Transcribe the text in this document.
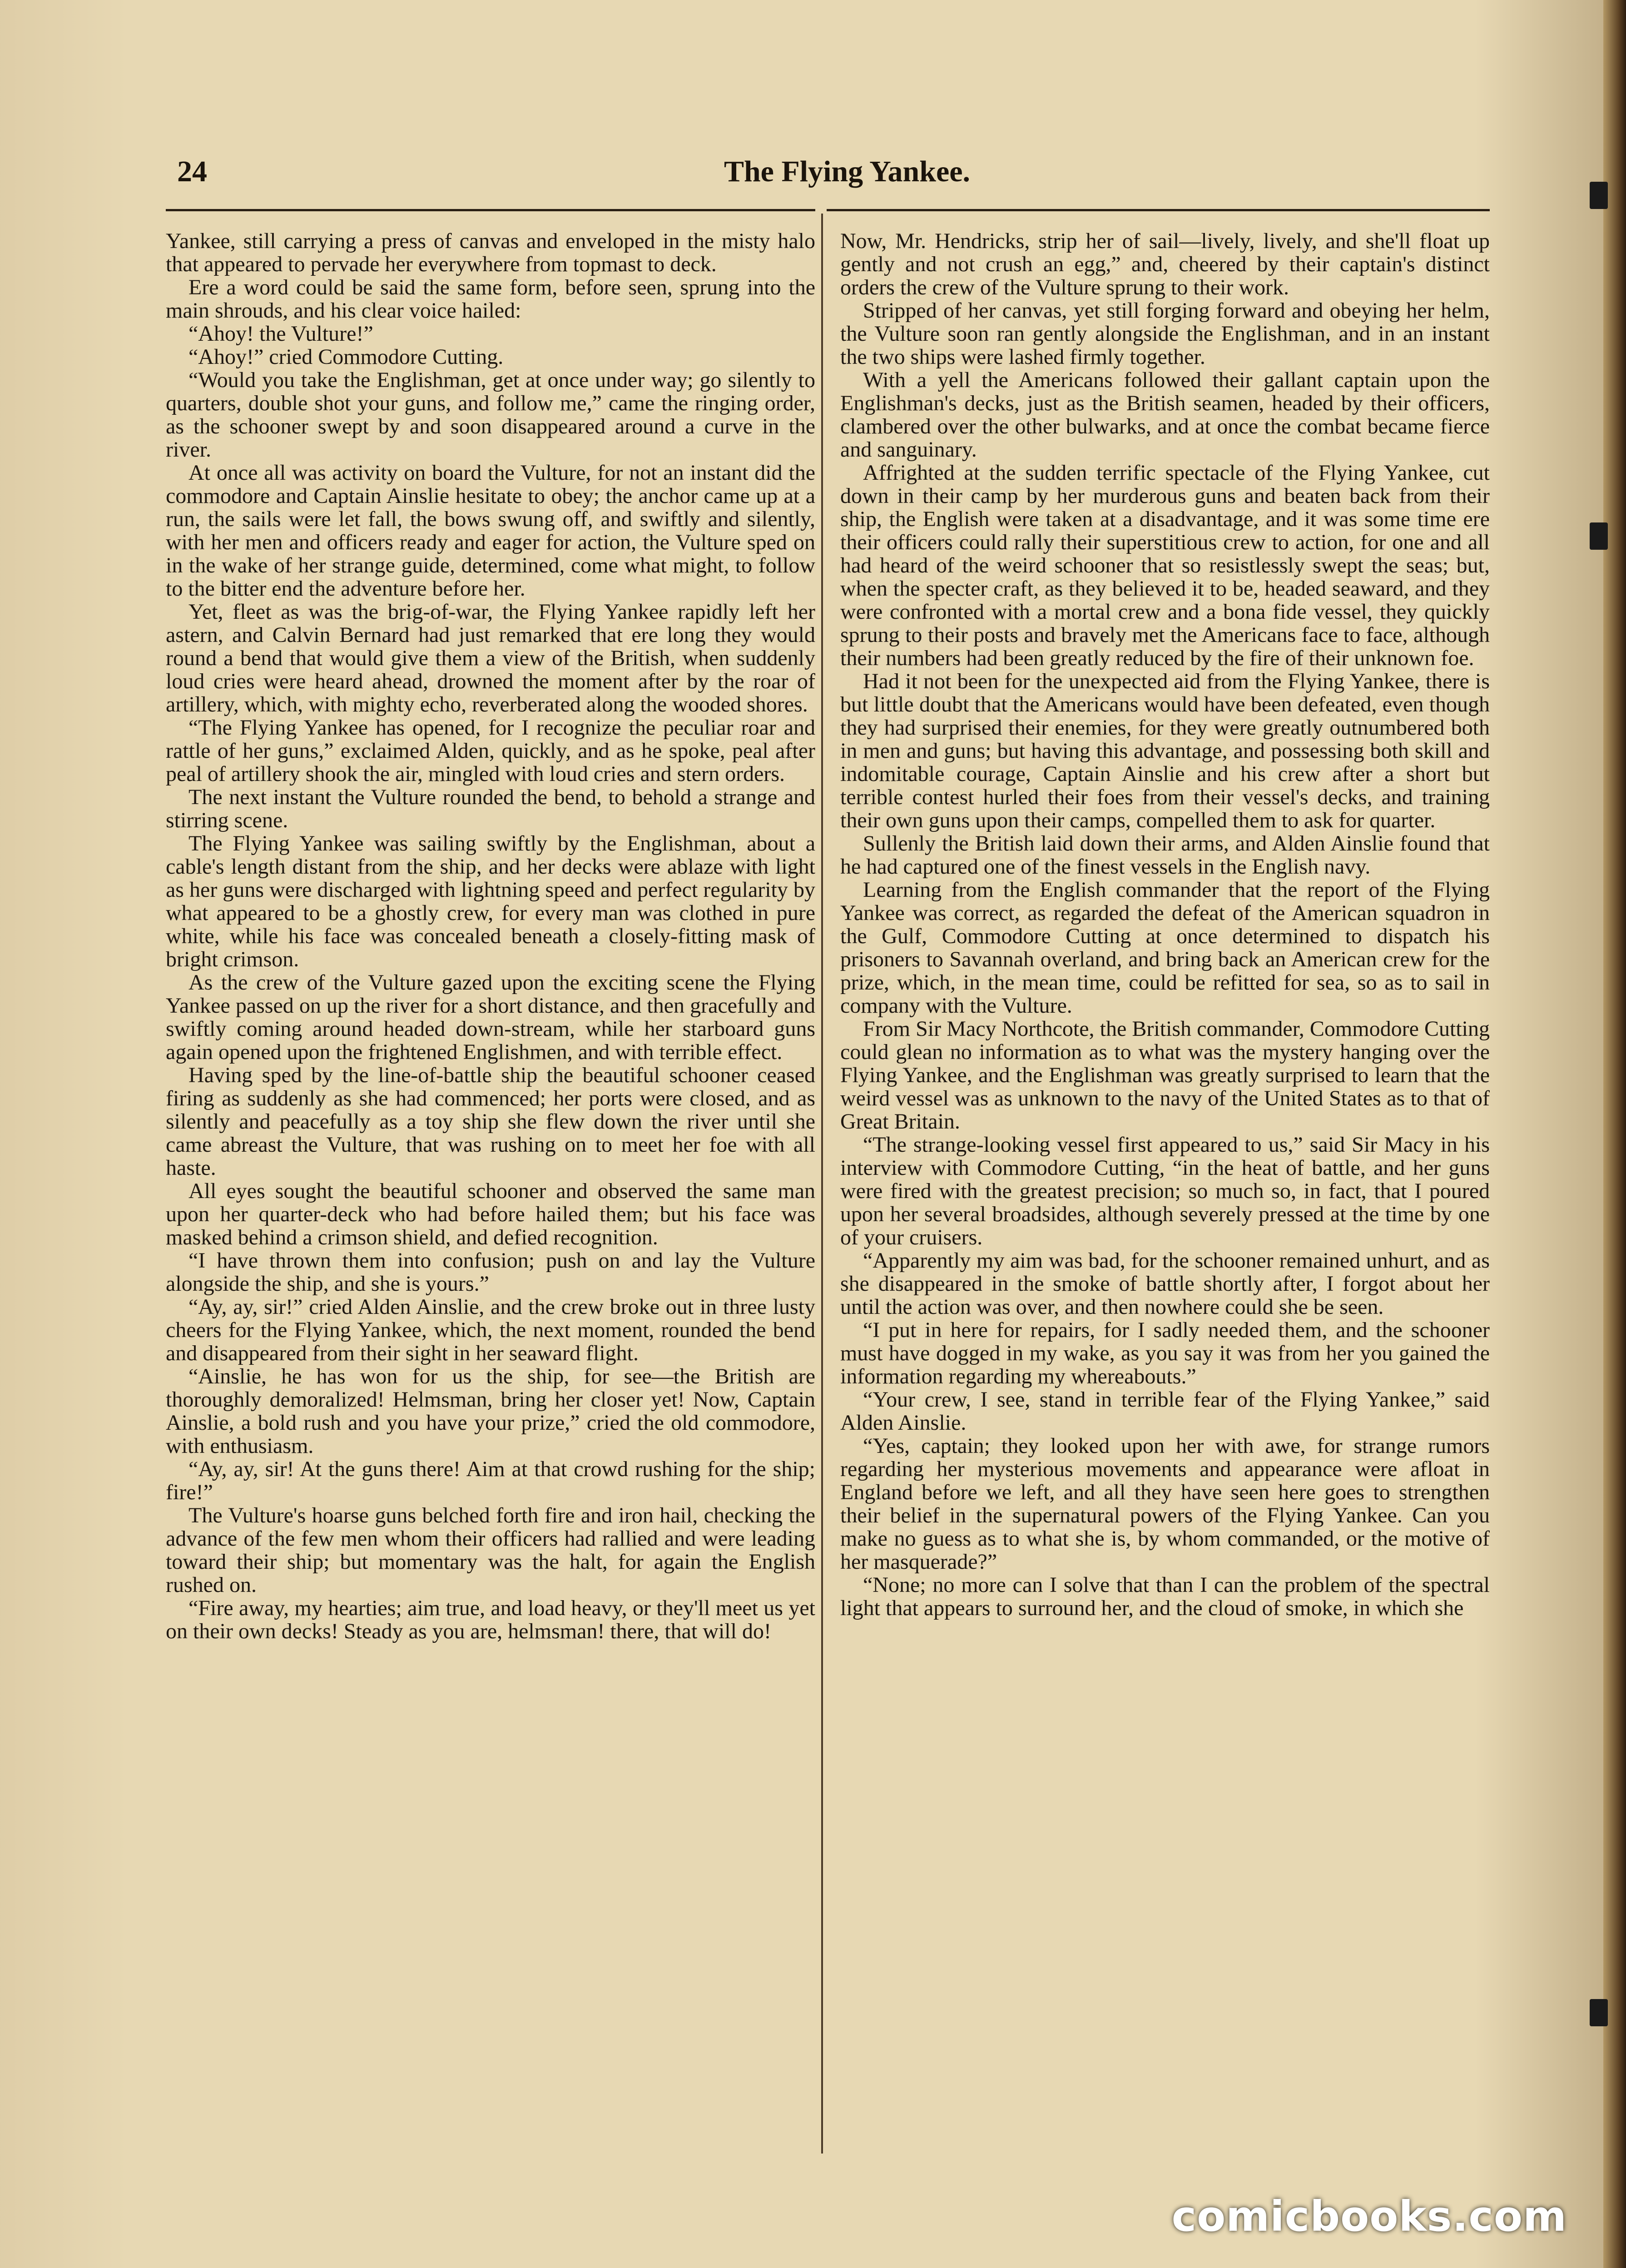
24	The Flying Yankee.

Yankee, still carrying a press of canvas and enveloped in the misty halo that appeared to pervade her everywhere from topmast to deck.

Ere a word could be said the same form, before seen, sprung into the main shrouds, and his clear voice hailed:

“Ahoy! the Vulture!”

“Ahoy!” cried Commodore Cutting.

“Would you take the Englishman, get at once under way; go silently to quarters, double shot your guns, and follow me,” came the ringing order, as the schooner swept by and soon disappeared around a curve in the river.

At once all was activity on board the Vulture, for not an instant did the commodore and Captain Ainslie hesitate to obey; the anchor came up at a run, the sails were let fall, the bows swung off, and swiftly and silently, with her men and officers ready and eager for action, the Vulture sped on in the wake of her strange guide, determined, come what might, to follow to the bitter end the adventure before her.

Yet, fleet as was the brig-of-war, the Flying Yankee rapidly left her astern, and Calvin Bernard had just remarked that ere long they would round a bend that would give them a view of the British, when suddenly loud cries were heard ahead, drowned the moment after by the roar of artillery, which, with mighty echo, reverberated along the wooded shores.

“The Flying Yankee has opened, for I recognize the peculiar roar and rattle of her guns,” exclaimed Alden, quickly, and as he spoke, peal after peal of artillery shook the air, mingled with loud cries and stern orders.

The next instant the Vulture rounded the bend, to behold a strange and stirring scene.

The Flying Yankee was sailing swiftly by the Englishman, about a cable's length distant from the ship, and her decks were ablaze with light as her guns were discharged with lightning speed and perfect regularity by what appeared to be a ghostly crew, for every man was clothed in pure white, while his face was concealed beneath a closely-fitting mask of bright crimson.

As the crew of the Vulture gazed upon the exciting scene the Flying Yankee passed on up the river for a short distance, and then gracefully and swiftly coming around headed down-stream, while her starboard guns again opened upon the frightened Englishmen, and with terrible effect.

Having sped by the line-of-battle ship the beautiful schooner ceased firing as suddenly as she had commenced; her ports were closed, and as silently and peacefully as a toy ship she flew down the river until she came abreast the Vulture, that was rushing on to meet her foe with all haste.

All eyes sought the beautiful schooner and observed the same man upon her quarter-deck who had before hailed them; but his face was masked behind a crimson shield, and defied recognition.

“I have thrown them into confusion; push on and lay the Vulture alongside the ship, and she is yours.”

“Ay, ay, sir!” cried Alden Ainslie, and the crew broke out in three lusty cheers for the Flying Yankee, which, the next moment, rounded the bend and disappeared from their sight in her seaward flight.

“Ainslie, he has won for us the ship, for see—the British are thoroughly demoralized! Helmsman, bring her closer yet! Now, Captain Ainslie, a bold rush and you have your prize,” cried the old commodore, with enthusiasm.

“Ay, ay, sir! At the guns there! Aim at that crowd rushing for the ship; fire!”

The Vulture's hoarse guns belched forth fire and iron hail, checking the advance of the few men whom their officers had rallied and were leading toward their ship; but momentary was the halt, for again the English rushed on.

“Fire away, my hearties; aim true, and load heavy, or they'll meet us yet on their own decks! Steady as you are, helmsman! there, that will do!

Now, Mr. Hendricks, strip her of sail—lively, lively, and she'll float up gently and not crush an egg,” and, cheered by their captain's distinct orders the crew of the Vulture sprung to their work.

Stripped of her canvas, yet still forging forward and obeying her helm, the Vulture soon ran gently alongside the Englishman, and in an instant the two ships were lashed firmly together.

With a yell the Americans followed their gallant captain upon the Englishman's decks, just as the British seamen, headed by their officers, clambered over the other bulwarks, and at once the combat became fierce and sanguinary.

Affrighted at the sudden terrific spectacle of the Flying Yankee, cut down in their camp by her murderous guns and beaten back from their ship, the English were taken at a disadvantage, and it was some time ere their officers could rally their superstitious crew to action, for one and all had heard of the weird schooner that so resistlessly swept the seas; but, when the specter craft, as they believed it to be, headed seaward, and they were confronted with a mortal crew and a bona fide vessel, they quickly sprung to their posts and bravely met the Americans face to face, although their numbers had been greatly reduced by the fire of their unknown foe.

Had it not been for the unexpected aid from the Flying Yankee, there is but little doubt that the Americans would have been defeated, even though they had surprised their enemies, for they were greatly outnumbered both in men and guns; but having this advantage, and possessing both skill and indomitable courage, Captain Ainslie and his crew after a short but terrible contest hurled their foes from their vessel's decks, and training their own guns upon their camps, compelled them to ask for quarter.

Sullenly the British laid down their arms, and Alden Ainslie found that he had captured one of the finest vessels in the English navy.

Learning from the English commander that the report of the Flying Yankee was correct, as regarded the defeat of the American squadron in the Gulf, Commodore Cutting at once determined to dispatch his prisoners to Savannah overland, and bring back an American crew for the prize, which, in the mean time, could be refitted for sea, so as to sail in company with the Vulture.

From Sir Macy Northcote, the British commander, Commodore Cutting could glean no information as to what was the mystery hanging over the Flying Yankee, and the Englishman was greatly surprised to learn that the weird vessel was as unknown to the navy of the United States as to that of Great Britain.

“The strange-looking vessel first appeared to us,” said Sir Macy in his interview with Commodore Cutting, “in the heat of battle, and her guns were fired with the greatest precision; so much so, in fact, that I poured upon her several broadsides, although severely pressed at the time by one of your cruisers.

“Apparently my aim was bad, for the schooner remained unhurt, and as she disappeared in the smoke of battle shortly after, I forgot about her until the action was over, and then nowhere could she be seen.

“I put in here for repairs, for I sadly needed them, and the schooner must have dogged in my wake, as you say it was from her you gained the information regarding my whereabouts.”

“Your crew, I see, stand in terrible fear of the Flying Yankee,” said Alden Ainslie.

“Yes, captain; they looked upon her with awe, for strange rumors regarding her mysterious movements and appearance were afloat in England before we left, and all they have seen here goes to strengthen their belief in the supernatural powers of the Flying Yankee. Can you make no guess as to what she is, by whom commanded, or the motive of her masquerade?”

“None; no more can I solve that than I can the problem of the spectral light that appears to surround her, and the cloud of smoke, in which she

comicbooks.com
